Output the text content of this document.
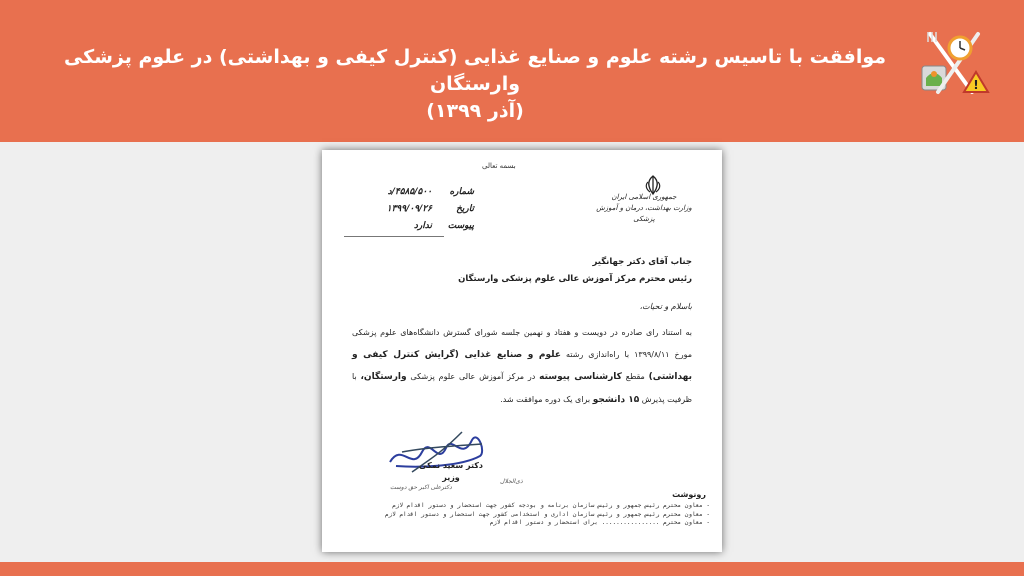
موافقت با تاسیس رشته علوم و صنایع غذایی (کنترل کیفی و بهداشتی) در علوم پزشکی وارستگان
(آذر ۱۳۹۹)
!
بسمه تعالی
جمهوری اسلامی ایران
وزارت بهداشت، درمان و آموزش پزشکی
شماره
۴۵۸۵/۵۰۰/د
تاریخ
۱۳۹۹/۰۹/۲۶
پیوست
ندارد
جناب آقای دکتر جهانگیر
رئیس محترم مرکز آموزش عالی علوم پزشکی وارستگان
باسلام و تحیات،
به استناد رای صادره در دویست و هفتاد و نهمین جلسه شورای گسترش دانشگاه‌های علوم پزشکی مورخ ۱۳۹۹/۸/۱۱ با راه‌اندازی رشته علوم و صنایع غذایی (گرایش کنترل کیفی و بهداشتی) مقطع کارشناسی پیوسته در مرکز آموزش عالی علوم پزشکی وارستگان، با ظرفیت پذیرش ۱۵ دانشجو برای یک دوره موافقت شد.
دکتر سعید نمکی
وزیر
دکترعلی اکبر حق دوست
ذی‌الجلال
رونوشت
- معاون محترم رئیس جمهور و رئیس سازمان برنامه و بودجه کشور جهت استحضار و دستور اقدام لازم
- معاون محترم رئیس جمهور و رئیس سازمان اداری و استخدامی کشور جهت استحضار و دستور اقدام لازم
- معاون محترم ................ برای استحضار و دستور اقدام لازم
